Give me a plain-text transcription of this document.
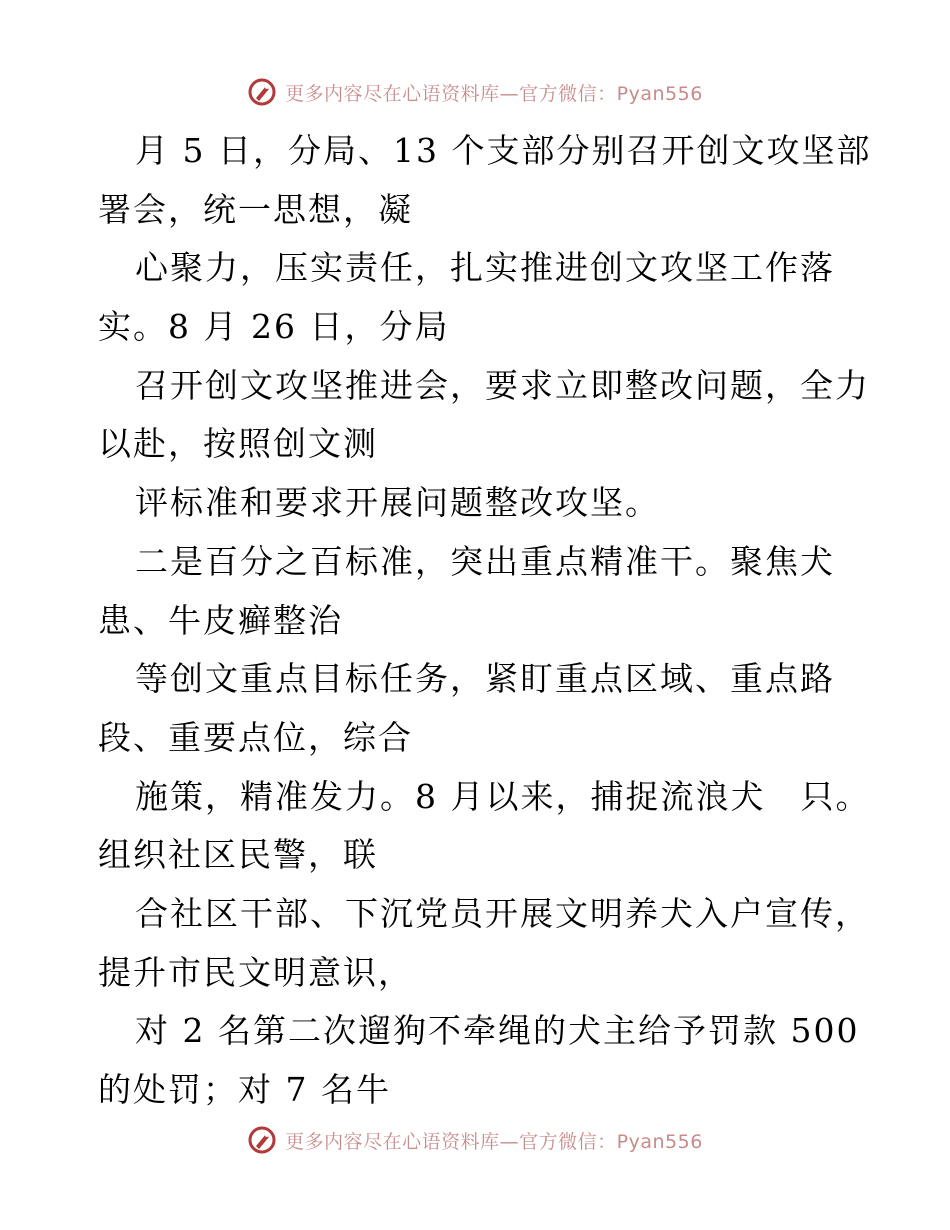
更多内容尽在心语资料库—官方微信：Pyan556
月 5 日，分局、13 个支部分别召开创文攻坚部
署会，统一思想，凝
心聚力，压实责任，扎实推进创文攻坚工作落
实。8 月 26 日，分局
召开创文攻坚推进会，要求立即整改问题，全力
以赴，按照创文测
评标准和要求开展问题整改攻坚。
二是百分之百标准，突出重点精准干。聚焦犬
患、牛皮癣整治
等创文重点目标任务，紧盯重点区域、重点路
段、重要点位，综合
施策，精准发力。8 月以来，捕捉流浪犬　只。
组织社区民警，联
合社区干部、下沉党员开展文明养犬入户宣传，
提升市民文明意识，
对 2 名第二次遛狗不牵绳的犬主给予罚款 500
的处罚；对 7 名牛
更多内容尽在心语资料库—官方微信：Pyan556
